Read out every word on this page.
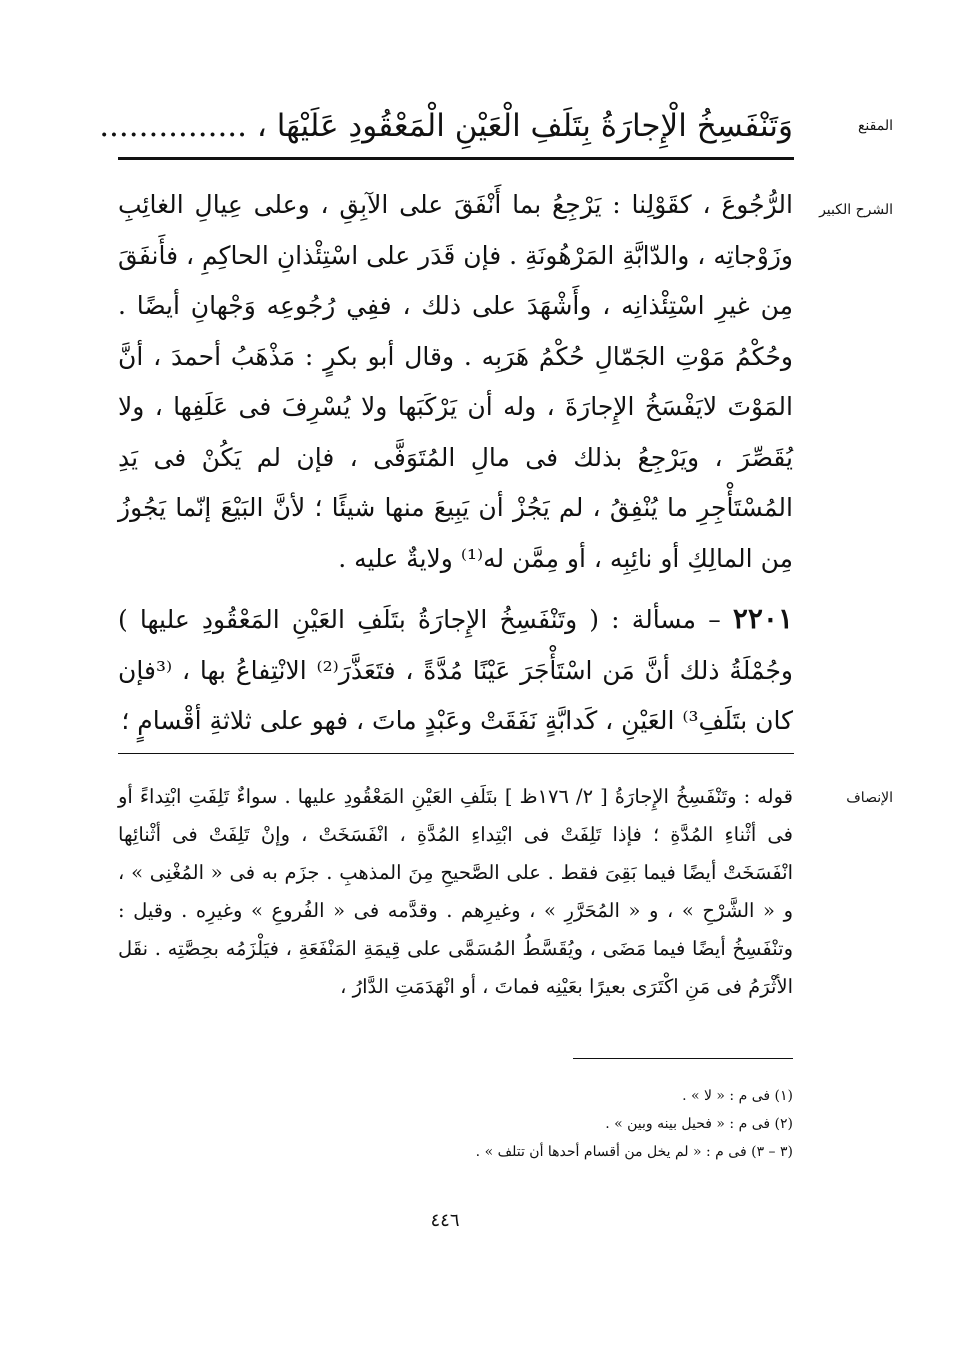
المقنع
وَتَنْفَسِخُ الْإِجارَةُ بِتَلَفِ الْعَيْنِ الْمَعْقُودِ عَلَيْهَا ، ...............
الشرح الكبير

الرُّجُوعَ ، كقَوْلِنا : يَرْجِعُ بما أَنْفَقَ على الآبِقِ ، وعلى عِيالِ الغائِبِ وزَوْجاتِه ، والدّابَّةِ المَرْهُونَةِ . فإن قَدَر على اسْتِئْذانِ الحاكِمِ ، فأَنفَقَ مِن غيرِ اسْتِئْذانِه ، وأَشْهَدَ على ذلك ، ففِي رُجُوعِه وَجْهانِ أيضًا . وحُكْمُ مَوْتِ الجَمّالِ حُكْمُ هَرَبِه . وقال أبو بكرٍ : مَذْهَبُ أحمدَ ، أنَّ المَوْتَ لايَفْسَخُ الإِجارَةَ ، وله أن يَرْكَبَها ولا يُسْرِفَ فى عَلَفِها ، ولا يُقَصِّرَ ، ويَرْجِعُ بذلك فى مالِ المُتَوَفَّى ، فإن لم يَكُنْ فى يَدِ المُسْتَأْجِرِ ما يُنْفِقُ ، لم يَجُزْ أن يَبِيعَ منها شيئًا ؛ لأنَّ البَيْعَ إنّما يَجُوزُ مِن المالِكِ أو نائِبِه ، أو مِمَّن له⁽¹⁾ ولايةٌ عليه .

٢٢٠١ – مسألة : ( وتَنْفَسِخُ الإِجارَةُ بتَلَفِ العَيْنِ المَعْقُودِ عليها ) وجُمْلَةُ ذلك أنَّ مَن اسْتَأْجَرَ عَيْنًا مُدَّةً ، فتَعَذَّرَ⁽²⁾ الانْتِفاعُ بها ، ⁽³فإن كان بتَلَفِ³⁾ العَيْنِ ، كَدابَّةٍ نَفَقَتْ وعَبْدٍ ماتَ ، فهو على ثلاثةِ أقْسامٍ ؛

الإنصاف

قوله : وتَنْفَسِخُ الإِجارَةُ [ ٢/ ١٧٦ظ ] بتَلَفِ العَيْنِ المَعْقُودِ عليها . سواءٌ تَلِفَتِ ابْتِداءً أو فى أثْناءِ المُدَّةِ ؛ فإذا تَلِفَتْ فى ابْتِداءِ المُدَّةِ ، انْفَسَخَتْ ، وإنْ تَلِفَتْ فى أثْنائِها انْفَسَخَتْ أيضًا فيما بَقِىَ فقط . على الصَّحيحِ مِنَ المذهبِ . جزَم به فى « المُغْنِى » ، و « الشَّرْحِ » ، و « المُحَرَّرِ » ، وغيرِهم . وقدَّمه فى « الفُروعِ » وغيرِه . وقيل : وتنْفَسِخُ أيضًا فيما مَضَى ، ويُقَسَّطُ المُسَمَّى على قِيمَةِ المَنْفَعَةِ ، فيَلْزَمُه بحِصَّتِه . نقَل الأثْرَمُ فى مَنِ اكْتَرَى بعيرًا بعَيْنِه فماتَ ، أو انْهَدَمَتِ الدَّارُ ،

(١) فى م : « لا » .
(٢) فى م : « فحيل بينه وبين » .
(٣ – ٣) فى م : « لم يخل من أقسام أحدها أن تتلف » .
٤٤٦
